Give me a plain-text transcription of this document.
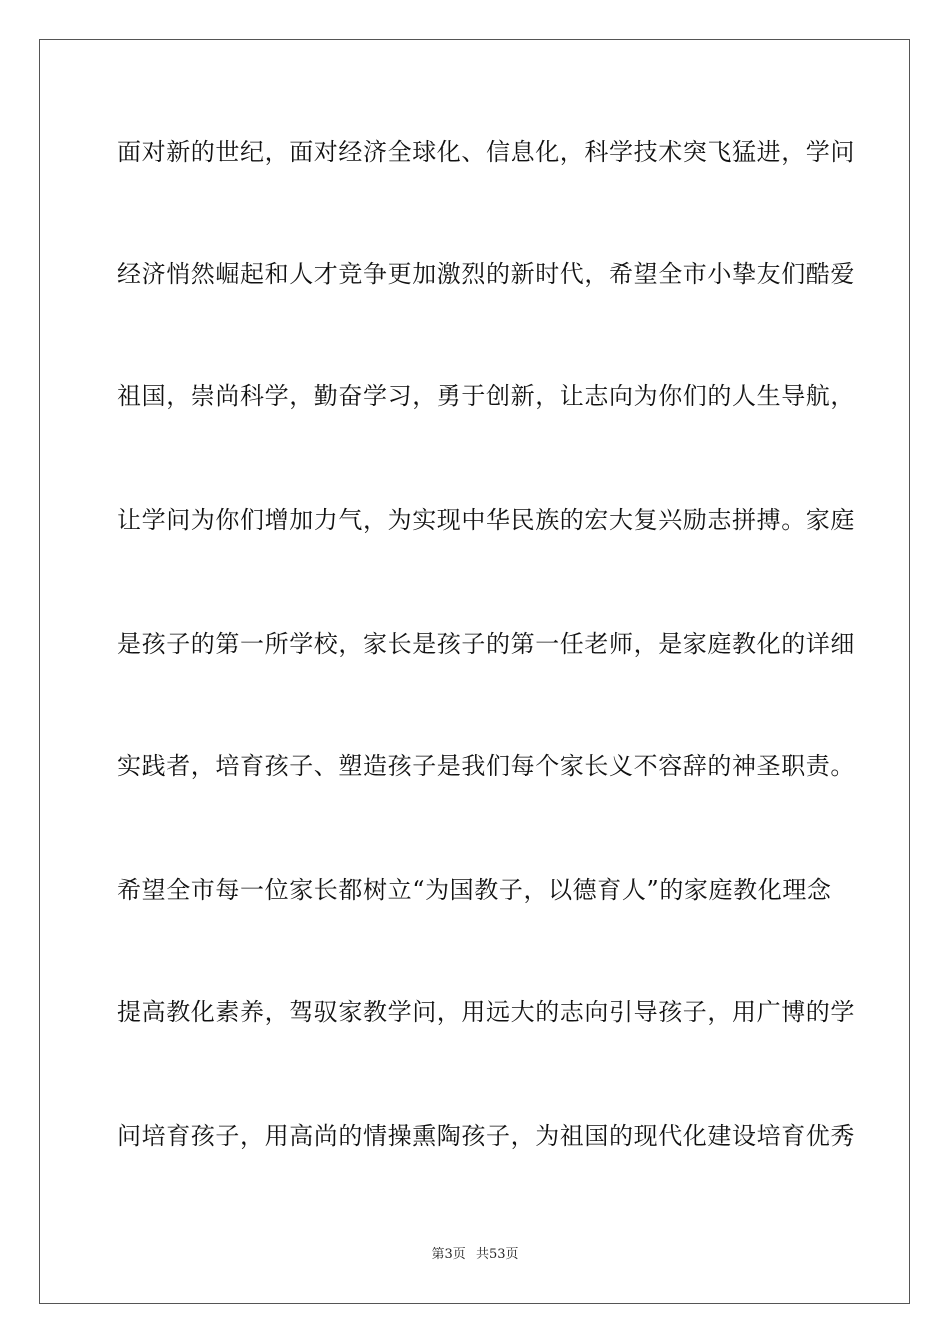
面对新的世纪，面对经济全球化、信息化，科学技术突飞猛进，学问
经济悄然崛起和人才竞争更加激烈的新时代，希望全市小挚友们酷爱
祖国，崇尚科学，勤奋学习，勇于创新，让志向为你们的人生导航，
让学问为你们增加力气，为实现中华民族的宏大复兴励志拼搏。家庭
是孩子的第一所学校，家长是孩子的第一任老师，是家庭教化的详细
实践者，培育孩子、塑造孩子是我们每个家长义不容辞的神圣职责。
希望全市每一位家长都树立“为国教子，以德育人”的家庭教化理念
提高教化素养，驾驭家教学问，用远大的志向引导孩子，用广博的学
问培育孩子，用高尚的情操熏陶孩子，为祖国的现代化建设培育优秀
第3页 共53页
